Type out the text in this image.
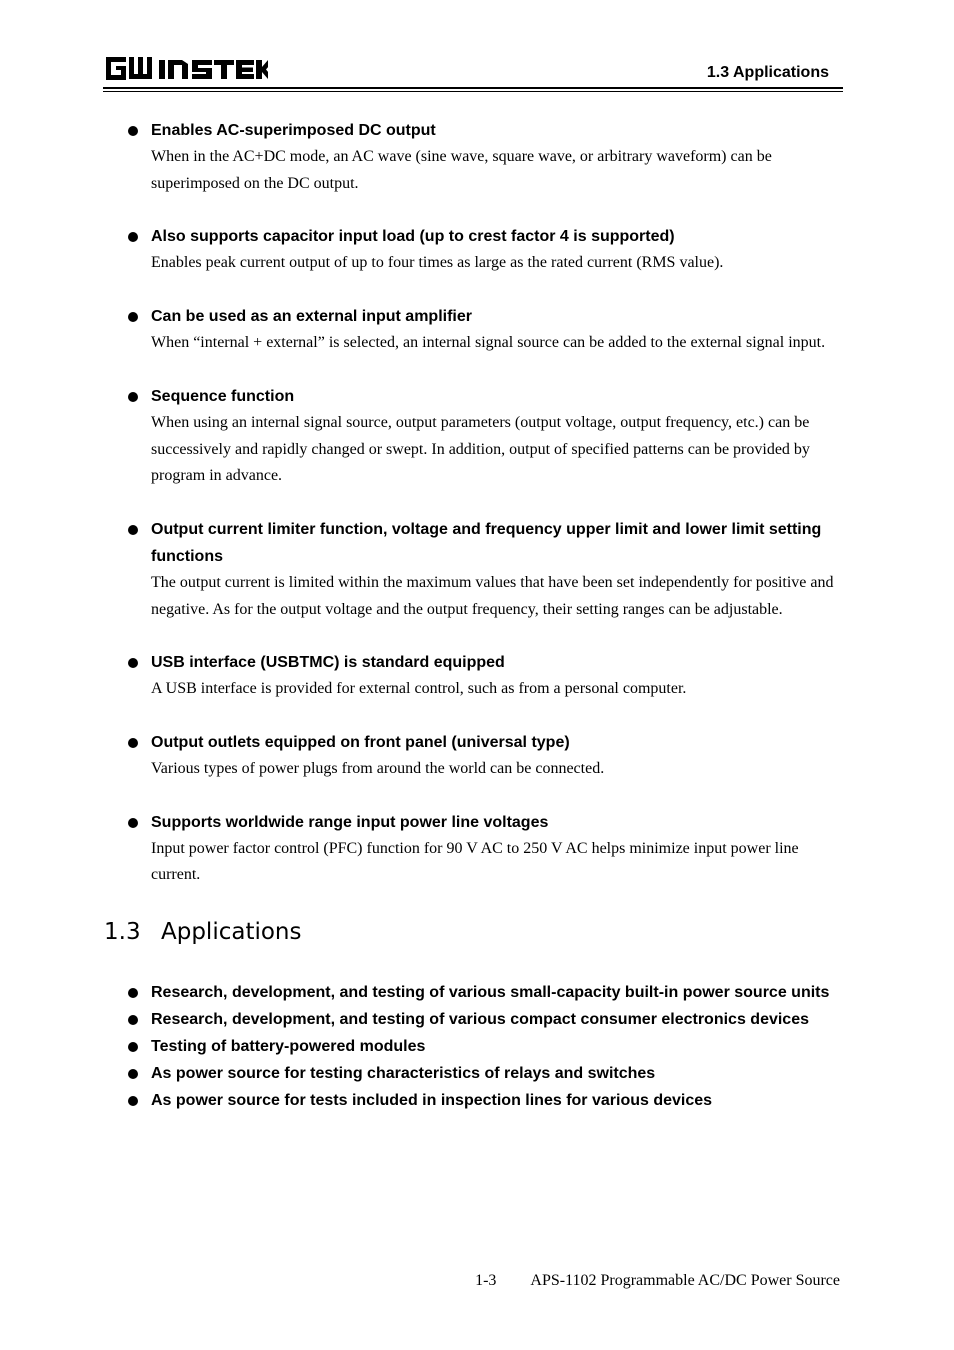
1.3 Applications
Enables AC-superimposed DC output
When in the AC+DC mode, an AC wave (sine wave, square wave, or arbitrary waveform) can be superimposed on the DC output.
Also supports capacitor input load (up to crest factor 4 is supported)
Enables peak current output of up to four times as large as the rated current (RMS value).
Can be used as an external input amplifier
When “internal + external” is selected, an internal signal source can be added to the external signal input.
Sequence function
When using an internal signal source, output parameters (output voltage, output frequency, etc.) can be successively and rapidly changed or swept. In addition, output of specified patterns can be provided by program in advance.
Output current limiter function, voltage and frequency upper limit and lower limit setting functions
The output current is limited within the maximum values that have been set independently for positive and negative. As for the output voltage and the output frequency, their setting ranges can be adjustable.
USB interface (USBTMC) is standard equipped
A USB interface is provided for external control, such as from a personal computer.
Output outlets equipped on front panel (universal type)
Various types of power plugs from around the world can be connected.
Supports worldwide range input power line voltages
Input power factor control (PFC) function for 90 V AC to 250 V AC helps minimize input power line current.
1.3 Applications
Research, development, and testing of various small-capacity built-in power source units
Research, development, and testing of various compact consumer electronics devices
Testing of battery-powered modules
As power source for testing characteristics of relays and switches
As power source for tests included in inspection lines for various devices
1-3 APS-1102 Programmable AC/DC Power Source
